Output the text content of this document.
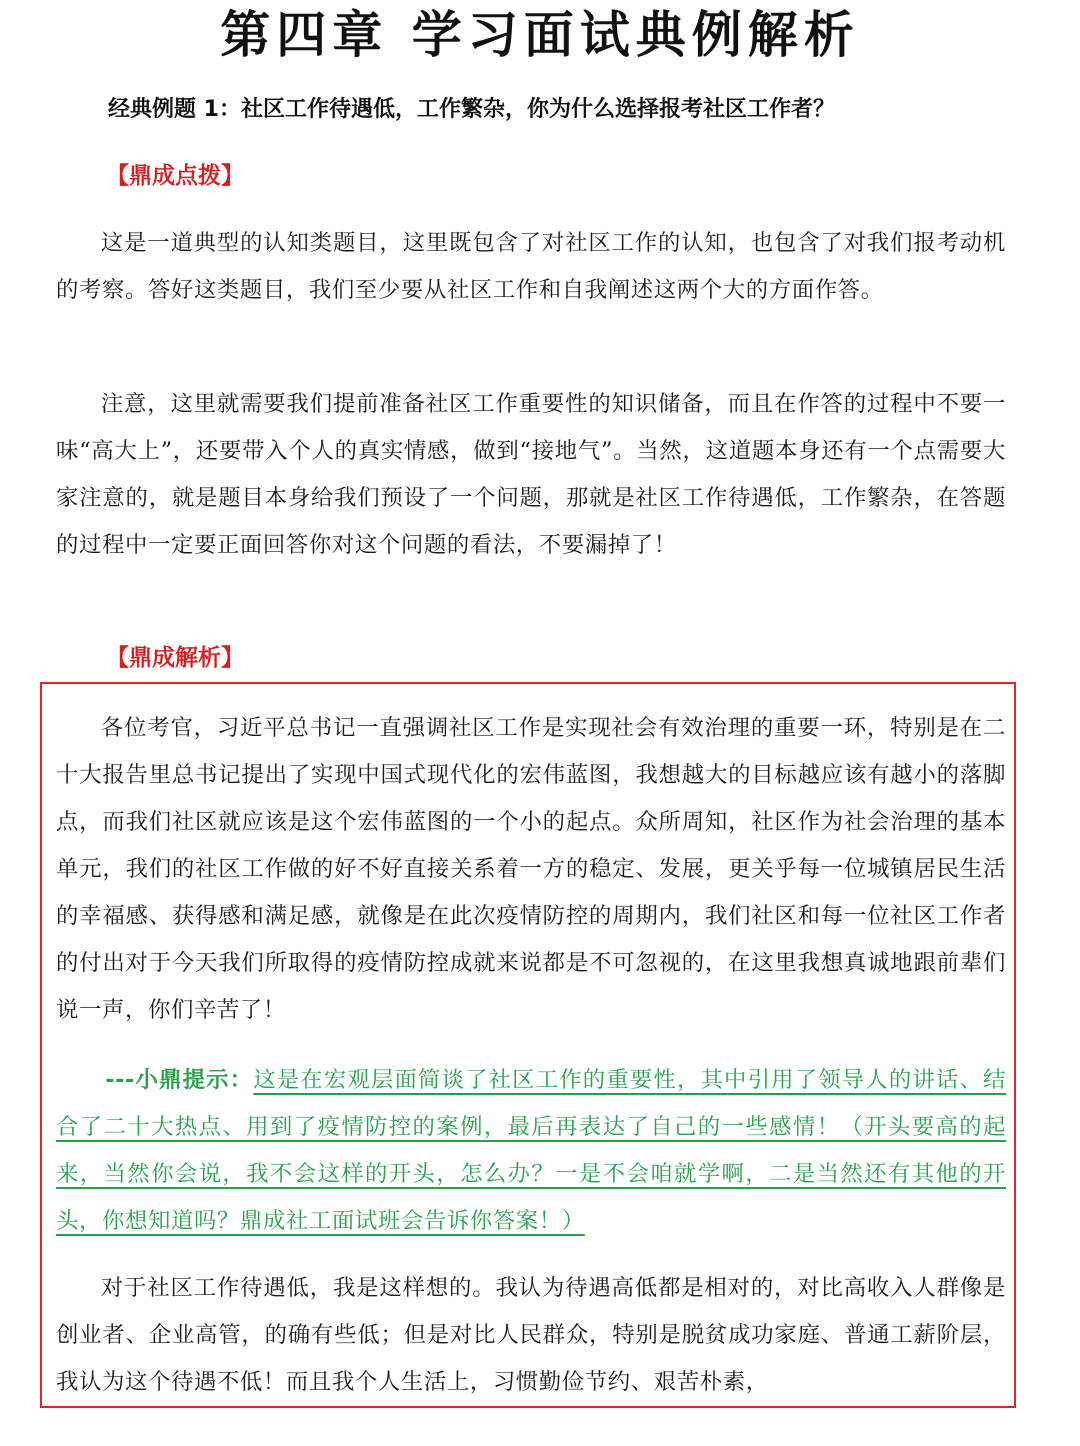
第四章 学习面试典例解析

经典例题 1：社区工作待遇低，工作繁杂，你为什么选择报考社区工作者？

【鼎成点拨】

这是一道典型的认知类题目，这里既包含了对社区工作的认知，也包含了对我们报考动机的考察。答好这类题目，我们至少要从社区工作和自我阐述这两个大的方面作答。

注意，这里就需要我们提前准备社区工作重要性的知识储备，而且在作答的过程中不要一味“高大上”，还要带入个人的真实情感，做到“接地气”。当然，这道题本身还有一个点需要大家注意的，就是题目本身给我们预设了一个问题，那就是社区工作待遇低，工作繁杂，在答题的过程中一定要正面回答你对这个问题的看法，不要漏掉了！

【鼎成解析】

各位考官，习近平总书记一直强调社区工作是实现社会有效治理的重要一环，特别是在二十大报告里总书记提出了实现中国式现代化的宏伟蓝图，我想越大的目标越应该有越小的落脚点，而我们社区就应该是这个宏伟蓝图的一个小的起点。众所周知，社区作为社会治理的基本单元，我们的社区工作做的好不好直接关系着一方的稳定、发展，更关乎每一位城镇居民生活的幸福感、获得感和满足感，就像是在此次疫情防控的周期内，我们社区和每一位社区工作者的付出对于今天我们所取得的疫情防控成就来说都是不可忽视的，在这里我想真诚地跟前辈们说一声，你们辛苦了！

---小鼎提示：这是在宏观层面简谈了社区工作的重要性，其中引用了领导人的讲话、结合了二十大热点、用到了疫情防控的案例，最后再表达了自己的一些感情！（开头要高的起来，当然你会说，我不会这样的开头，怎么办？一是不会咱就学啊，二是当然还有其他的开头，你想知道吗？鼎成社工面试班会告诉你答案！）

对于社区工作待遇低，我是这样想的。我认为待遇高低都是相对的，对比高收入人群像是创业者、企业高管，的确有些低；但是对比人民群众，特别是脱贫成功家庭、普通工薪阶层，我认为这个待遇不低！而且我个人生活上，习惯勤俭节约、艰苦朴素，
